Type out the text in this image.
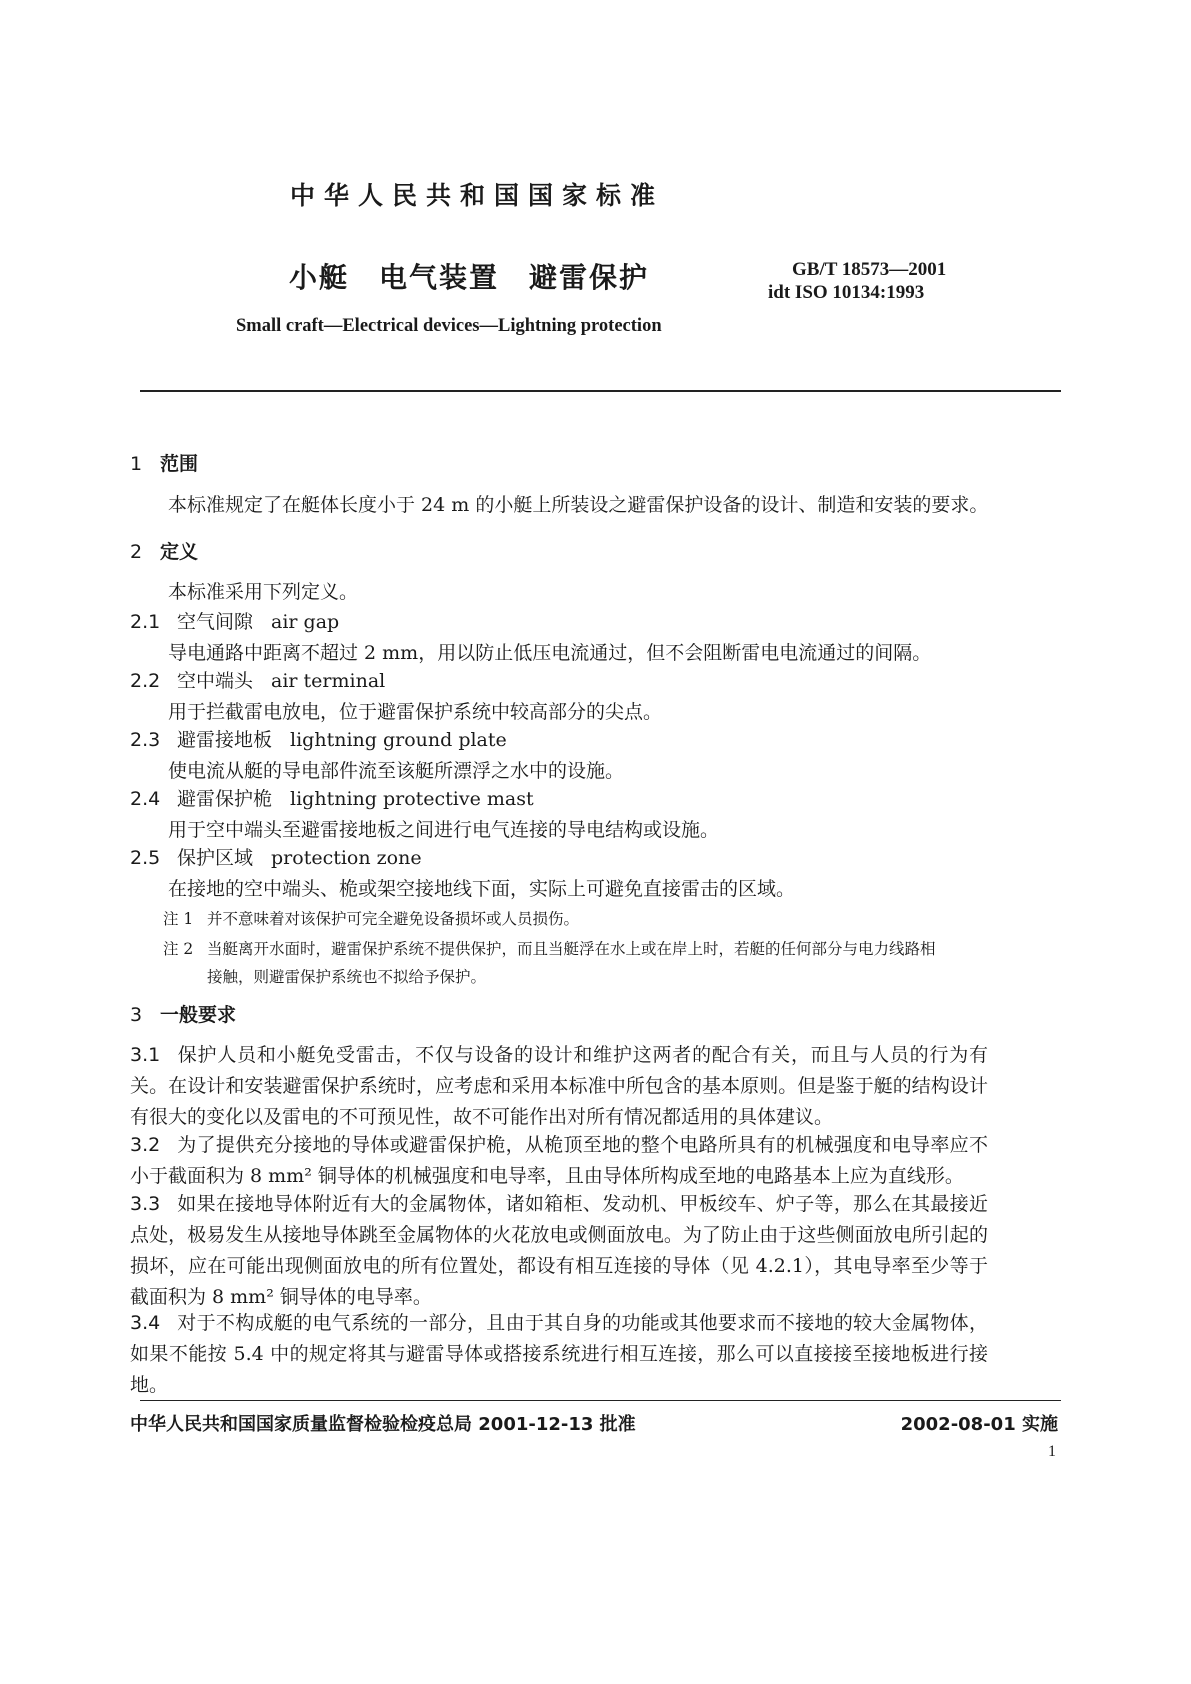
中华人民共和国国家标准
小艇　电气装置　避雷保护	GB/T 18573—2001
idt ISO 10134:1993
Small craft—Electrical devices—Lightning protection
1 范围
本标准规定了在艇体长度小于 24 m 的小艇上所装设之避雷保护设备的设计、制造和安装的要求。
2 定义
本标准采用下列定义。
2.1 空气间隙 air gap
导电通路中距离不超过 2 mm，用以防止低压电流通过，但不会阻断雷电电流通过的间隔。
2.2 空中端头 air terminal
用于拦截雷电放电，位于避雷保护系统中较高部分的尖点。
2.3 避雷接地板 lightning ground plate
使电流从艇的导电部件流至该艇所漂浮之水中的设施。
2.4 避雷保护桅 lightning protective mast
用于空中端头至避雷接地板之间进行电气连接的导电结构或设施。
2.5 保护区域 protection zone
在接地的空中端头、桅或架空接地线下面，实际上可避免直接雷击的区域。
注 1 并不意味着对该保护可完全避免设备损坏或人员损伤。
注 2 当艇离开水面时，避雷保护系统不提供保护，而且当艇浮在水上或在岸上时，若艇的任何部分与电力线路相
接触，则避雷保护系统也不拟给予保护。
3 一般要求
3.1 保护人员和小艇免受雷击，不仅与设备的设计和维护这两者的配合有关，而且与人员的行为有关。在设计和安装避雷保护系统时，应考虑和采用本标准中所包含的基本原则。但是鉴于艇的结构设计有很大的变化以及雷电的不可预见性，故不可能作出对所有情况都适用的具体建议。
3.2 为了提供充分接地的导体或避雷保护桅，从桅顶至地的整个电路所具有的机械强度和电导率应不小于截面积为 8 mm² 铜导体的机械强度和电导率，且由导体所构成至地的电路基本上应为直线形。
3.3 如果在接地导体附近有大的金属物体，诸如箱柜、发动机、甲板绞车、炉子等，那么在其最接近点处，极易发生从接地导体跳至金属物体的火花放电或侧面放电。为了防止由于这些侧面放电所引起的损坏，应在可能出现侧面放电的所有位置处，都设有相互连接的导体（见 4.2.1），其电导率至少等于截面积为 8 mm² 铜导体的电导率。
3.4 对于不构成艇的电气系统的一部分，且由于其自身的功能或其他要求而不接地的较大金属物体，如果不能按 5.4 中的规定将其与避雷导体或搭接系统进行相互连接，那么可以直接接至接地板进行接地。
中华人民共和国国家质量监督检验检疫总局 2001-12-13 批准	2002-08-01 实施
1
